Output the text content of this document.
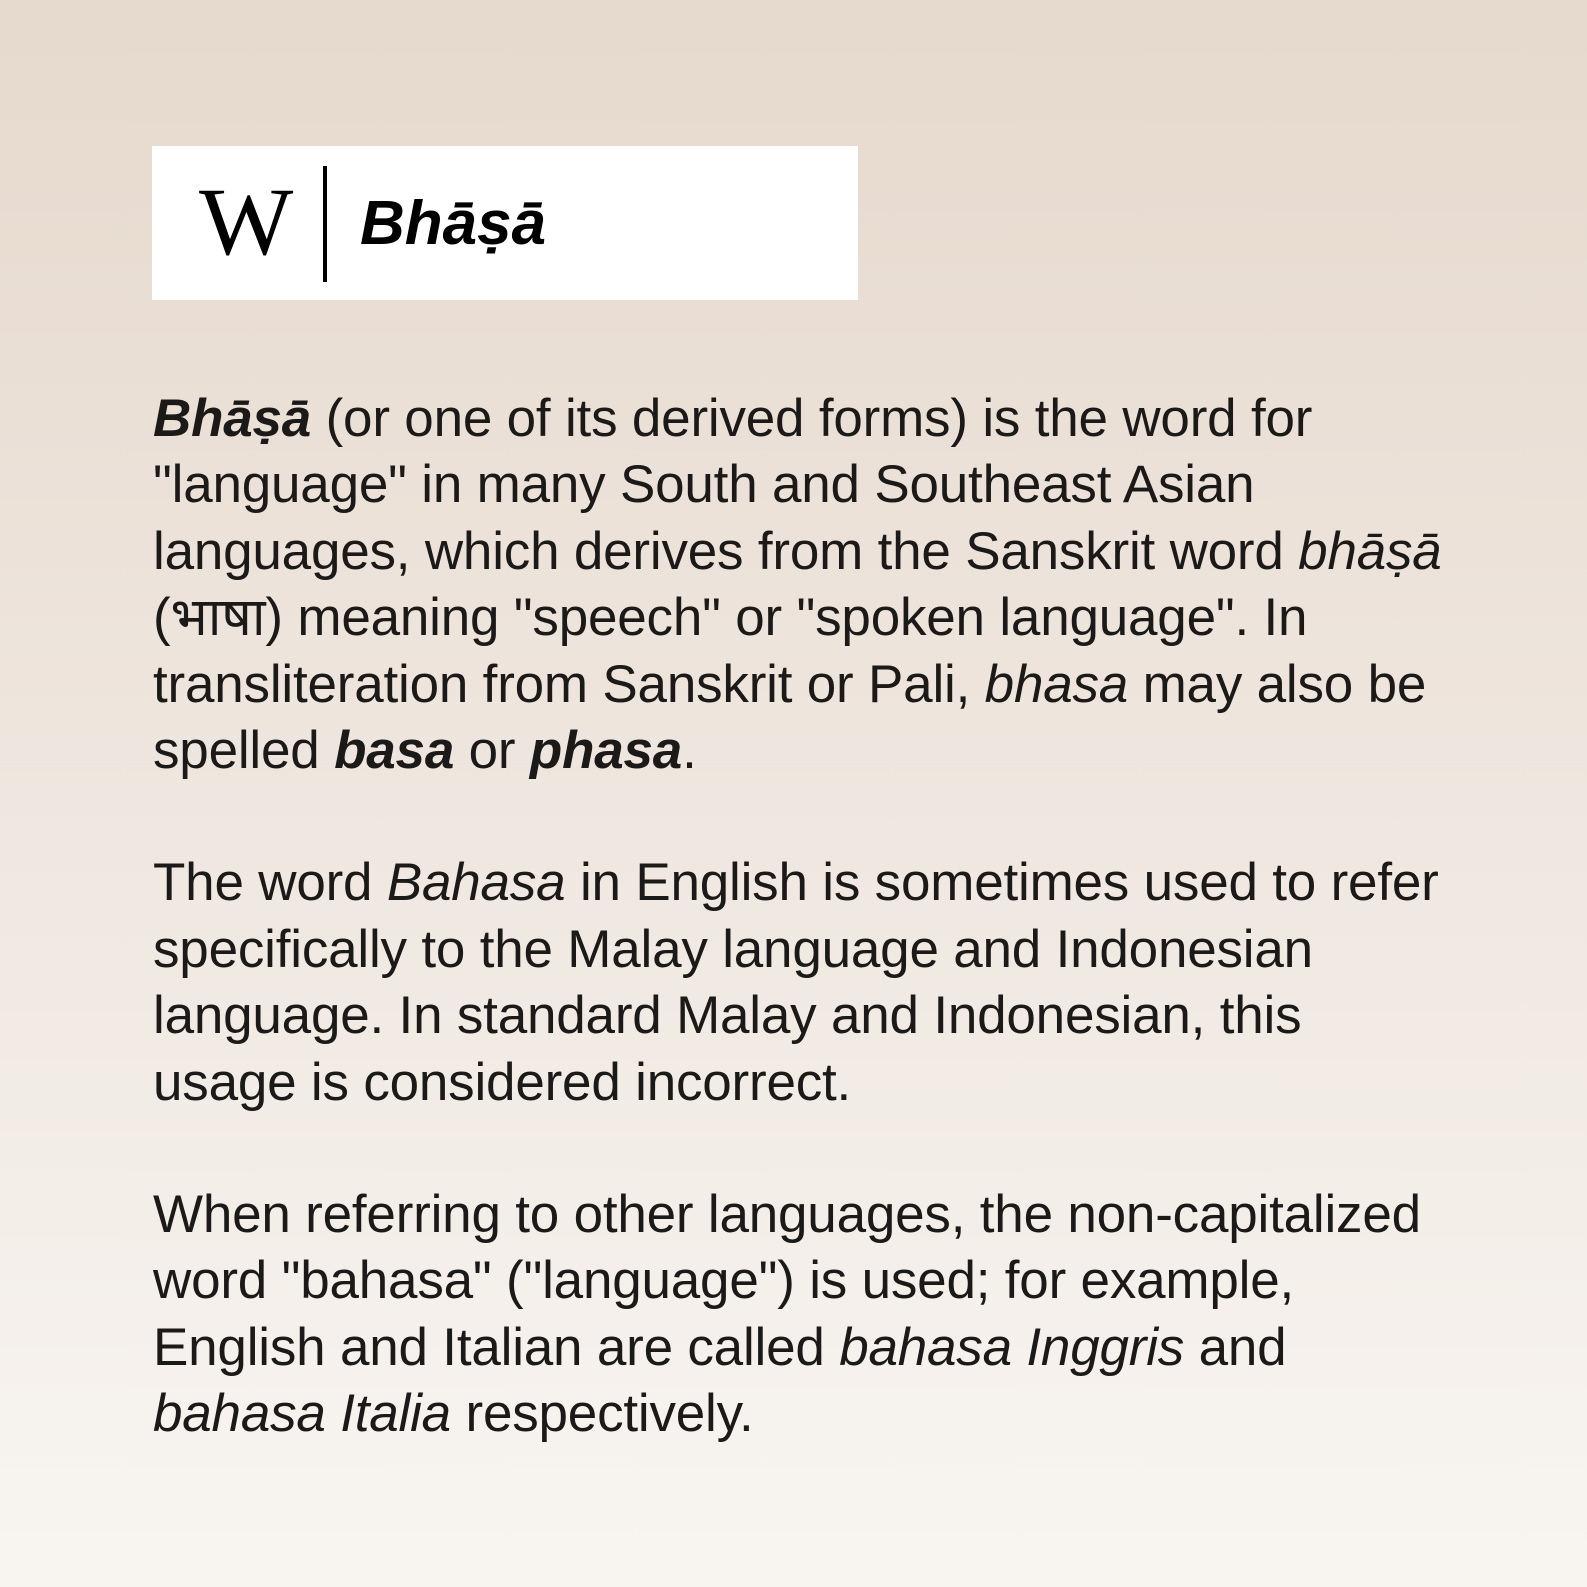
W Bhāṣā

Bhāṣā (or one of its derived forms) is the word for "language" in many South and Southeast Asian languages, which derives from the Sanskrit word bhāṣā (भाषा) meaning "speech" or "spoken language". In transliteration from Sanskrit or Pali, bhasa may also be spelled basa or phasa.

The word Bahasa in English is sometimes used to refer specifically to the Malay language and Indonesian language. In standard Malay and Indonesian, this usage is considered incorrect.

When referring to other languages, the non-capitalized word "bahasa" ("language") is used; for example, English and Italian are called bahasa Inggris and bahasa Italia respectively.
